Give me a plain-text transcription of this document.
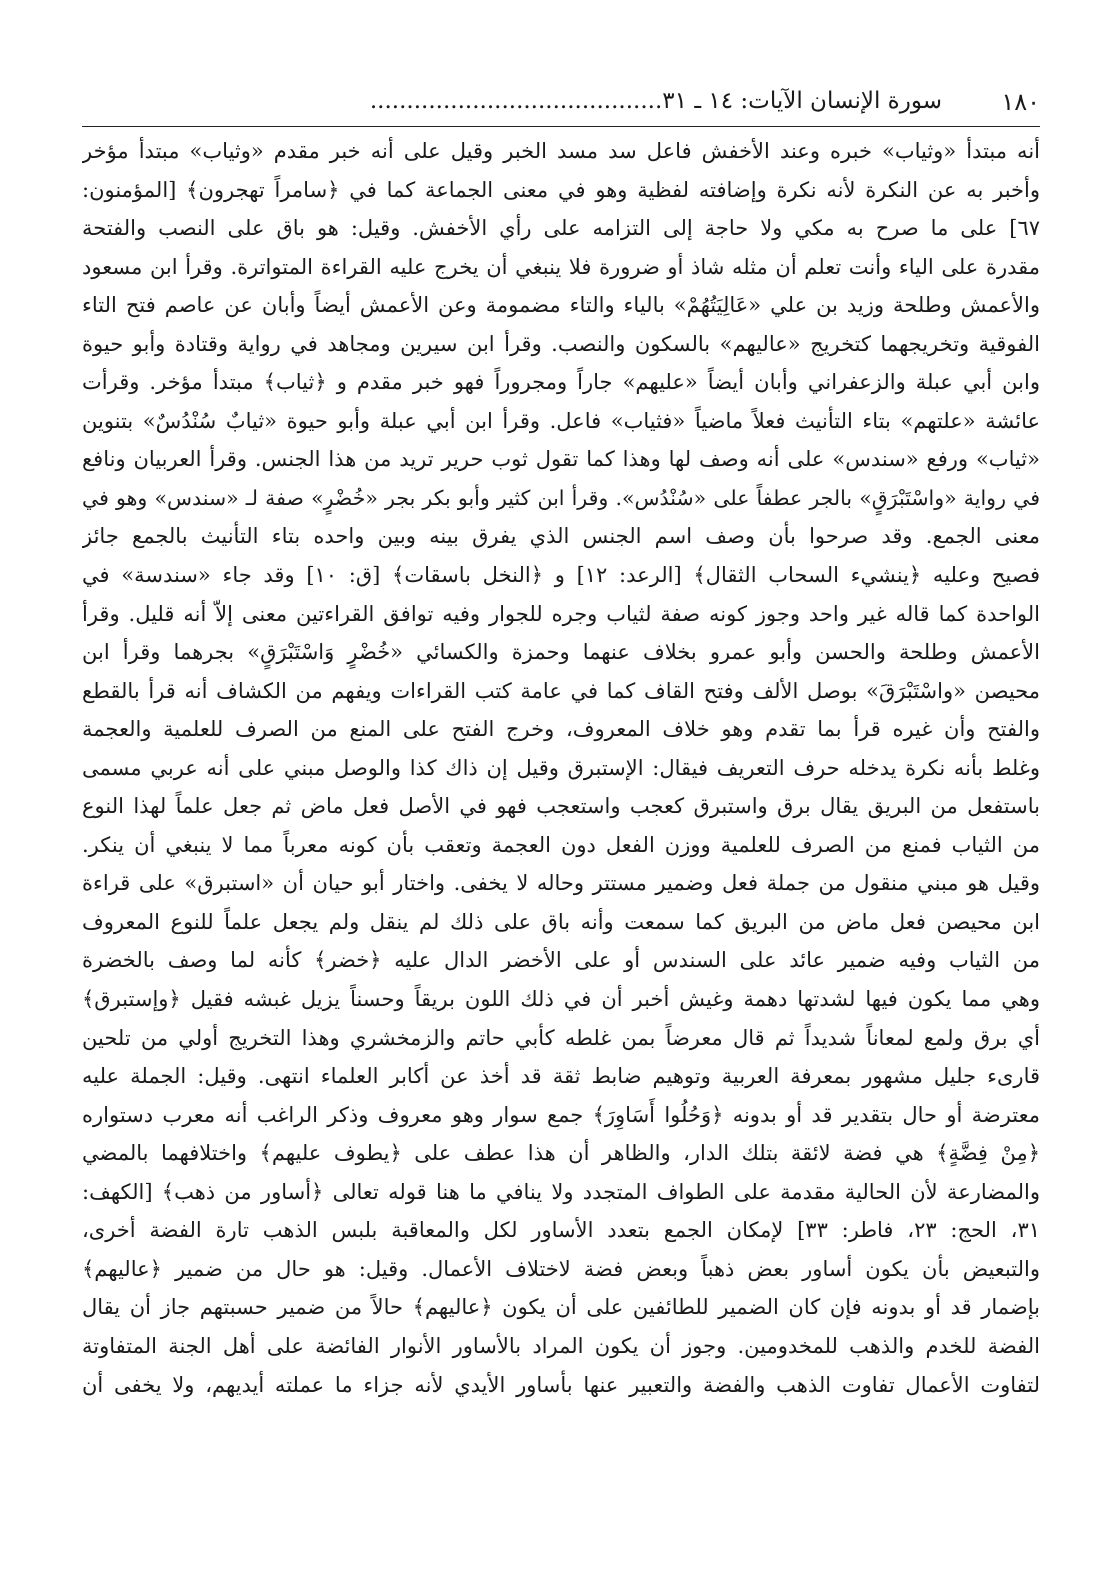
١٨٠
سورة الإنسان الآيات: ١٤ ـ ٣١........................................
أنه مبتدأ «وثياب» خبره وعند الأخفش فاعل سد مسد الخبر وقيل على أنه خبر مقدم «وثياب» مبتدأ مؤخر
وأخبر به عن النكرة لأنه نكرة وإضافته لفظية وهو في معنى الجماعة كما في ﴿سامراً تهجرون﴾ [المؤمنون:
٦٧] على ما صرح به مكي ولا حاجة إلى التزامه على رأي الأخفش. وقيل: هو باق على النصب والفتحة
مقدرة على الياء وأنت تعلم أن مثله شاذ أو ضرورة فلا ينبغي أن يخرج عليه القراءة المتواترة. وقرأ ابن مسعود
والأعمش وطلحة وزيد بن علي «عَالِيَتُهُمْ» بالياء والتاء مضمومة وعن الأعمش أيضاً وأبان عن عاصم فتح التاء
الفوقية وتخريجهما كتخريج «عاليهم» بالسكون والنصب. وقرأ ابن سيرين ومجاهد في رواية وقتادة وأبو حيوة
وابن أبي عبلة والزعفراني وأبان أيضاً «عليهم» جاراً ومجروراً فهو خبر مقدم و ﴿ثياب﴾ مبتدأ مؤخر. وقرأت
عائشة «علتهم» بتاء التأنيث فعلاً ماضياً «فثياب» فاعل. وقرأ ابن أبي عبلة وأبو حيوة «ثيابٌ سُنْدُسٌ» بتنوين
«ثياب» ورفع «سندس» على أنه وصف لها وهذا كما تقول ثوب حرير تريد من هذا الجنس. وقرأ العربيان ونافع
في رواية «واسْتَبْرَقٍ» بالجر عطفاً على «سُنْدُس». وقرأ ابن كثير وأبو بكر بجر «خُضْرٍ» صفة لـ «سندس» وهو في
معنى الجمع. وقد صرحوا بأن وصف اسم الجنس الذي يفرق بينه وبين واحده بتاء التأنيث بالجمع جائز
فصيح وعليه ﴿ينشيء السحاب الثقال﴾ [الرعد: ١٢] و ﴿النخل باسقات﴾ [ق: ١٠] وقد جاء «سندسة» في
الواحدة كما قاله غير واحد وجوز كونه صفة لثياب وجره للجوار وفيه توافق القراءتين معنى إلاّ أنه قليل. وقرأ
الأعمش وطلحة والحسن وأبو عمرو بخلاف عنهما وحمزة والكسائي «خُضْرٍ وَاسْتَبْرَقٍ» بجرهما وقرأ ابن
محيصن «واسْتَبْرَقَ» بوصل الألف وفتح القاف كما في عامة كتب القراءات ويفهم من الكشاف أنه قرأ بالقطع
والفتح وأن غيره قرأ بما تقدم وهو خلاف المعروف، وخرج الفتح على المنع من الصرف للعلمية والعجمة
وغلط بأنه نكرة يدخله حرف التعريف فيقال: الإستبرق وقيل إن ذاك كذا والوصل مبني على أنه عربي مسمى
باستفعل من البريق يقال برق واستبرق كعجب واستعجب فهو في الأصل فعل ماض ثم جعل علماً لهذا النوع
من الثياب فمنع من الصرف للعلمية ووزن الفعل دون العجمة وتعقب بأن كونه معرباً مما لا ينبغي أن ينكر.
وقيل هو مبني منقول من جملة فعل وضمير مستتر وحاله لا يخفى. واختار أبو حيان أن «استبرق» على قراءة
ابن محيصن فعل ماض من البريق كما سمعت وأنه باق على ذلك لم ينقل ولم يجعل علماً للنوع المعروف
من الثياب وفيه ضمير عائد على السندس أو على الأخضر الدال عليه ﴿خضر﴾ كأنه لما وصف بالخضرة
وهي مما يكون فيها لشدتها دهمة وغيش أخبر أن في ذلك اللون بريقاً وحسناً يزيل غبشه فقيل ﴿وإستبرق﴾
أي برق ولمع لمعاناً شديداً ثم قال معرضاً بمن غلطه كأبي حاتم والزمخشري وهذا التخريج أولي من تلحين
قارىء جليل مشهور بمعرفة العربية وتوهيم ضابط ثقة قد أخذ عن أكابر العلماء انتهى. وقيل: الجملة عليه
معترضة أو حال بتقدير قد أو بدونه ﴿وَحُلُوا أَسَاوِرَ﴾ جمع سوار وهو معروف وذكر الراغب أنه معرب دستواره
﴿مِنْ فِضَّةٍ﴾ هي فضة لائقة بتلك الدار، والظاهر أن هذا عطف على ﴿يطوف عليهم﴾ واختلافهما بالمضي
والمضارعة لأن الحالية مقدمة على الطواف المتجدد ولا ينافي ما هنا قوله تعالى ﴿أساور من ذهب﴾ [الكهف:
٣١، الحج: ٢٣، فاطر: ٣٣] لإمكان الجمع بتعدد الأساور لكل والمعاقبة بلبس الذهب تارة الفضة أخرى،
والتبعيض بأن يكون أساور بعض ذهباً وبعض فضة لاختلاف الأعمال. وقيل: هو حال من ضمير ﴿عاليهم﴾
بإضمار قد أو بدونه فإن كان الضمير للطائفين على أن يكون ﴿عاليهم﴾ حالاً من ضمير حسبتهم جاز أن يقال
الفضة للخدم والذهب للمخدومين. وجوز أن يكون المراد بالأساور الأنوار الفائضة على أهل الجنة المتفاوتة
لتفاوت الأعمال تفاوت الذهب والفضة والتعبير عنها بأساور الأيدي لأنه جزاء ما عملته أيديهم، ولا يخفى أن
